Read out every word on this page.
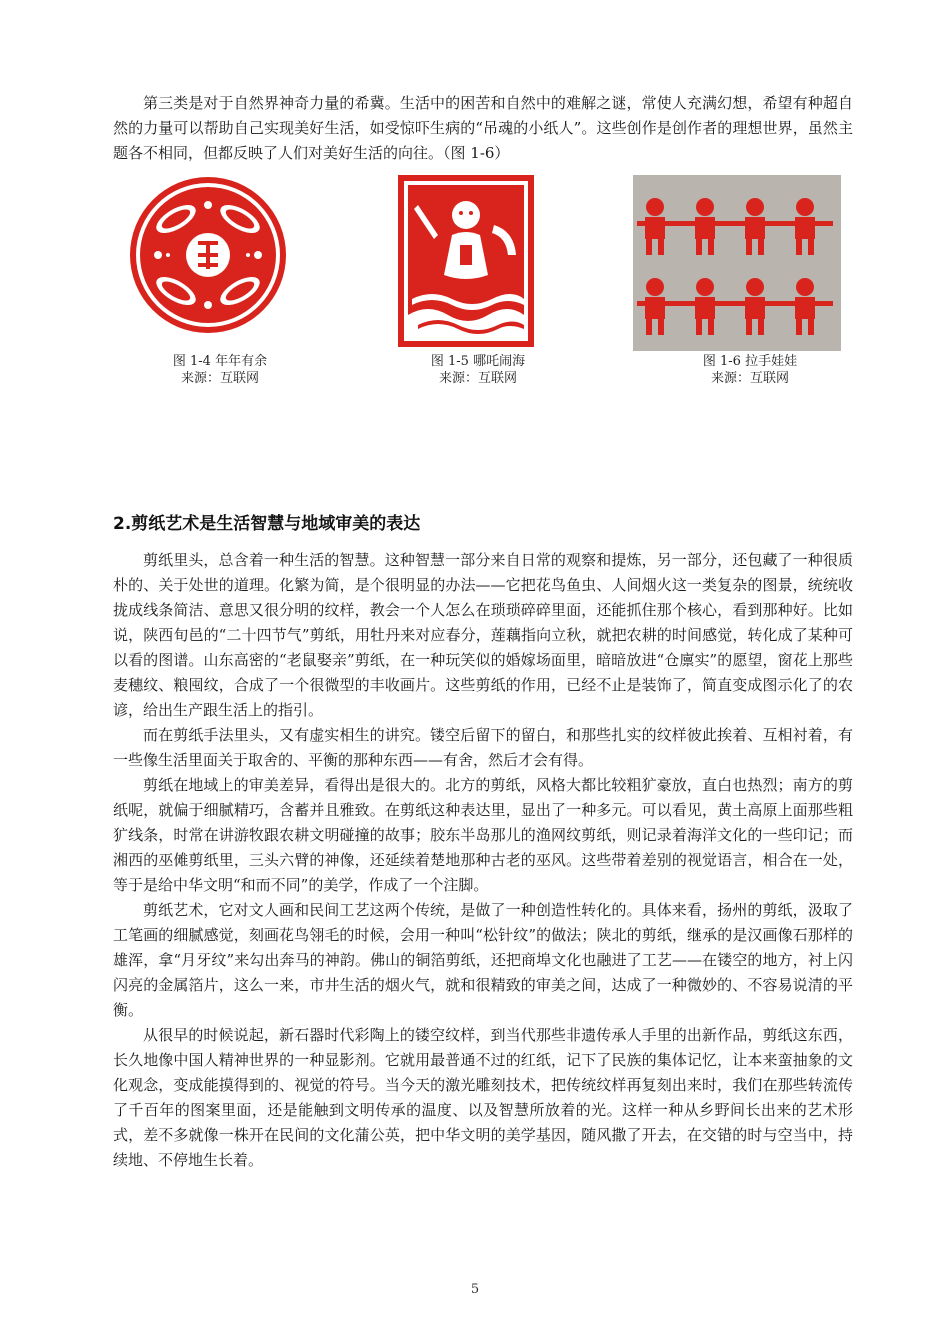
第三类是对于自然界神奇力量的希冀。生活中的困苦和自然中的难解之谜，常使人充满幻想，希望有种超自然的力量可以帮助自己实现美好生活，如受惊吓生病的“吊魂的小纸人”。这些创作是创作者的理想世界，虽然主题各不相同，但都反映了人们对美好生活的向往。（图 1-6）

图 1-4 年年有余
来源：互联网
图 1-5 哪吒闹海
来源：互联网
图 1-6 拉手娃娃
来源：互联网
2.剪纸艺术是生活智慧与地域审美的表达

剪纸里头，总含着一种生活的智慧。这种智慧一部分来自日常的观察和提炼，另一部分，还包藏了一种很质朴的、关于处世的道理。化繁为简，是个很明显的办法——它把花鸟鱼虫、人间烟火这一类复杂的图景，统统收拢成线条简洁、意思又很分明的纹样，教会一个人怎么在琐琐碎碎里面，还能抓住那个核心，看到那种好。比如说，陕西旬邑的“二十四节气”剪纸，用牡丹来对应春分，莲藕指向立秋，就把农耕的时间感觉，转化成了某种可以看的图谱。山东高密的“老鼠娶亲”剪纸，在一种玩笑似的婚嫁场面里，暗暗放进“仓廪实”的愿望，窗花上那些麦穗纹、粮囤纹，合成了一个很微型的丰收画片。这些剪纸的作用，已经不止是装饰了，简直变成图示化了的农谚，给出生产跟生活上的指引。

而在剪纸手法里头，又有虚实相生的讲究。镂空后留下的留白，和那些扎实的纹样彼此挨着、互相衬着，有一些像生活里面关于取舍的、平衡的那种东西——有舍，然后才会有得。

剪纸在地域上的审美差异，看得出是很大的。北方的剪纸，风格大都比较粗犷豪放，直白也热烈；南方的剪纸呢，就偏于细腻精巧，含蓄并且雅致。在剪纸这种表达里，显出了一种多元。可以看见，黄土高原上面那些粗犷线条，时常在讲游牧跟农耕文明碰撞的故事；胶东半岛那儿的渔网纹剪纸，则记录着海洋文化的一些印记；而湘西的巫傩剪纸里，三头六臂的神像，还延续着楚地那种古老的巫风。这些带着差别的视觉语言，相合在一处，等于是给中华文明“和而不同”的美学，作成了一个注脚。

剪纸艺术，它对文人画和民间工艺这两个传统，是做了一种创造性转化的。具体来看，扬州的剪纸，汲取了工笔画的细腻感觉，刻画花鸟翎毛的时候，会用一种叫“松针纹”的做法；陕北的剪纸，继承的是汉画像石那样的雄浑，拿“月牙纹”来勾出奔马的神韵。佛山的铜箔剪纸，还把商埠文化也融进了工艺——在镂空的地方，衬上闪闪亮的金属箔片，这么一来，市井生活的烟火气，就和很精致的审美之间，达成了一种微妙的、不容易说清的平衡。

从很早的时候说起，新石器时代彩陶上的镂空纹样，到当代那些非遗传承人手里的出新作品，剪纸这东西，长久地像中国人精神世界的一种显影剂。它就用最普通不过的红纸，记下了民族的集体记忆，让本来蛮抽象的文化观念，变成能摸得到的、视觉的符号。当今天的激光雕刻技术，把传统纹样再复刻出来时，我们在那些转流传了千百年的图案里面，还是能触到文明传承的温度、以及智慧所放着的光。这样一种从乡野间长出来的艺术形式，差不多就像一株开在民间的文化蒲公英，把中华文明的美学基因，随风撒了开去，在交错的时与空当中，持续地、不停地生长着。

5
